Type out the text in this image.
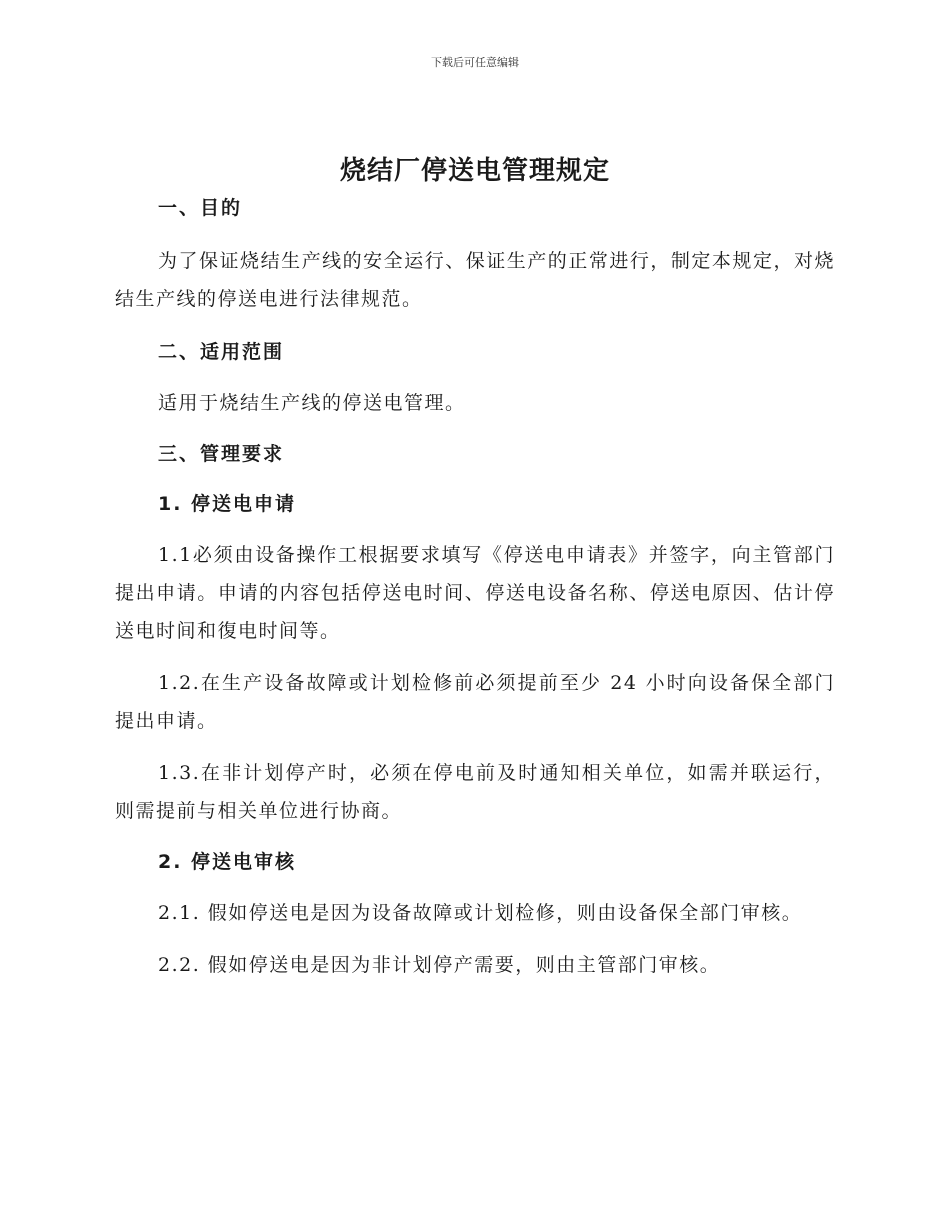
下载后可任意编辑
烧结厂停送电管理规定
一、目的

为了保证烧结生产线的安全运行、保证生产的正常进行，制定本规定，对烧结生产线的停送电进行法律规范。

二、适用范围

适用于烧结生产线的停送电管理。

三、管理要求
1. 停送电申请

1.1必须由设备操作工根据要求填写《停送电申请表》并签字，向主管部门提出申请。申请的内容包括停送电时间、停送电设备名称、停送电原因、估计停送电时间和復电时间等。

1.2.在生产设备故障或计划检修前必须提前至少 24 小时向设备保全部门提出申请。

1.3.在非计划停产时，必须在停电前及时通知相关单位，如需并联运行，则需提前与相关单位进行协商。

2. 停送电审核

2.1. 假如停送电是因为设备故障或计划检修，则由设备保全部门审核。

2.2. 假如停送电是因为非计划停产需要，则由主管部门审核。
